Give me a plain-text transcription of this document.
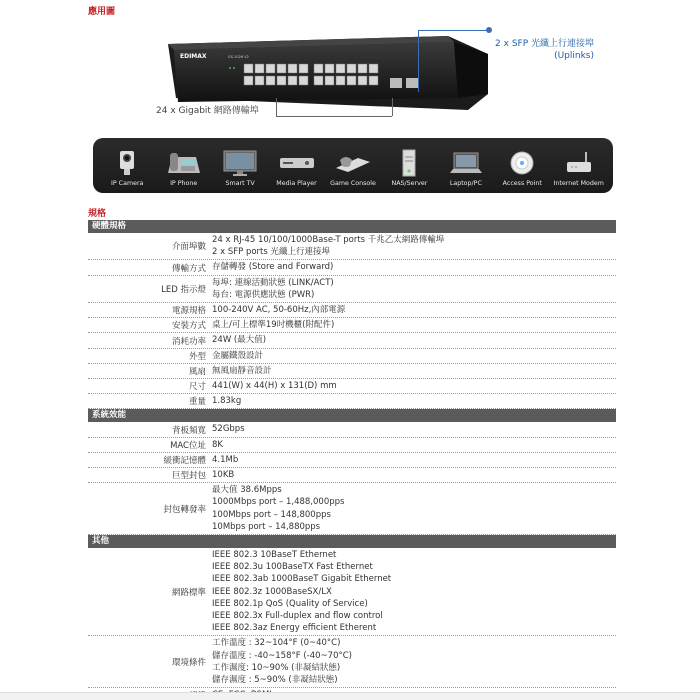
應用圖
EDIMAX	GS-1026 V2
2 x SFP 光纖上行連接埠
(Uplinks)
24 x Gigabit 網路傳輸埠
IP Camera	IP Phone	Smart TV	Media Player Game Console NAS/Server	Laptop/PC	Access Point Internet Modem
規格
硬體規格
介面埠數
24 x RJ-45 10/100/1000Base-T ports 千兆乙太網路傳輸埠
2 x SFP ports 光纖上行連接埠
傳輸方式 存儲轉發 (Store and Forward)
LED 指示燈
每埠: 連線活動狀態 (LINK/ACT)
每台: 電源供應狀態 (PWR)
電源規格 100-240V AC, 50-60Hz,內部電源
安裝方式 桌上/可上標準19吋機櫃(附配件)
消耗功率 24W (最大值)
外型 金屬鐵殼設計
風扇 無風扇靜音設計
尺寸 441(W) x 44(H) x 131(D) mm
重量 1.83kg
系統效能
背板頻寬 52Gbps
MAC位址 8K
緩衝記憶體 4.1Mb
巨型封包 10KB
封包轉發率
最大值 38.6Mpps
1000Mbps port – 1,488,000pps
100Mbps port – 148,800pps
10Mbps port – 14,880pps
其他
網路標準
IEEE 802.3 10BaseT Ethernet
IEEE 802.3u 100BaseTX Fast Ethernet
IEEE 802.3ab 1000BaseT Gigabit Ethernet
IEEE 802.3z 1000BaseSX/LX
IEEE 802.1p QoS (Quality of Service)
IEEE 802.3x Full-duplex and flow control
IEEE 802.3az Energy efficient Etherent
環境條件
工作溫度 : 32~104°F (0~40°C)
儲存溫度 : -40~158°F (-40~70°C)
工作濕度: 10~90% (非凝結狀態)
儲存濕度 : 5~90% (非凝結狀態)
